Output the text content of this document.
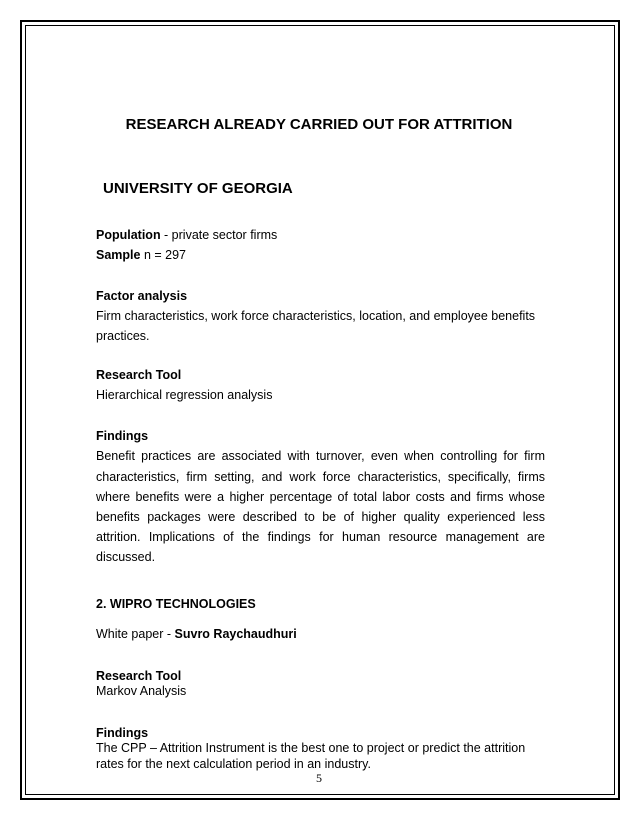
RESEARCH ALREADY CARRIED OUT FOR ATTRITION
UNIVERSITY OF GEORGIA
Population - private sector firms
Sample n = 297
Factor analysis
Firm characteristics, work force characteristics, location, and employee benefits
practices.
Research Tool
Hierarchical regression analysis
Findings
Benefit practices are associated with turnover, even when controlling for firm
characteristics, firm setting, and work force characteristics, specifically, firms
where benefits were a higher percentage of total labor costs and firms whose
benefits packages were described to be of higher quality experienced less
attrition. Implications of the findings for human resource management are
discussed.
2. WIPRO TECHNOLOGIES
White paper - Suvro Raychaudhuri
Research Tool
Markov Analysis
Findings
The CPP – Attrition Instrument is the best one to project or predict the attrition
rates for the next calculation period in an industry.
5
